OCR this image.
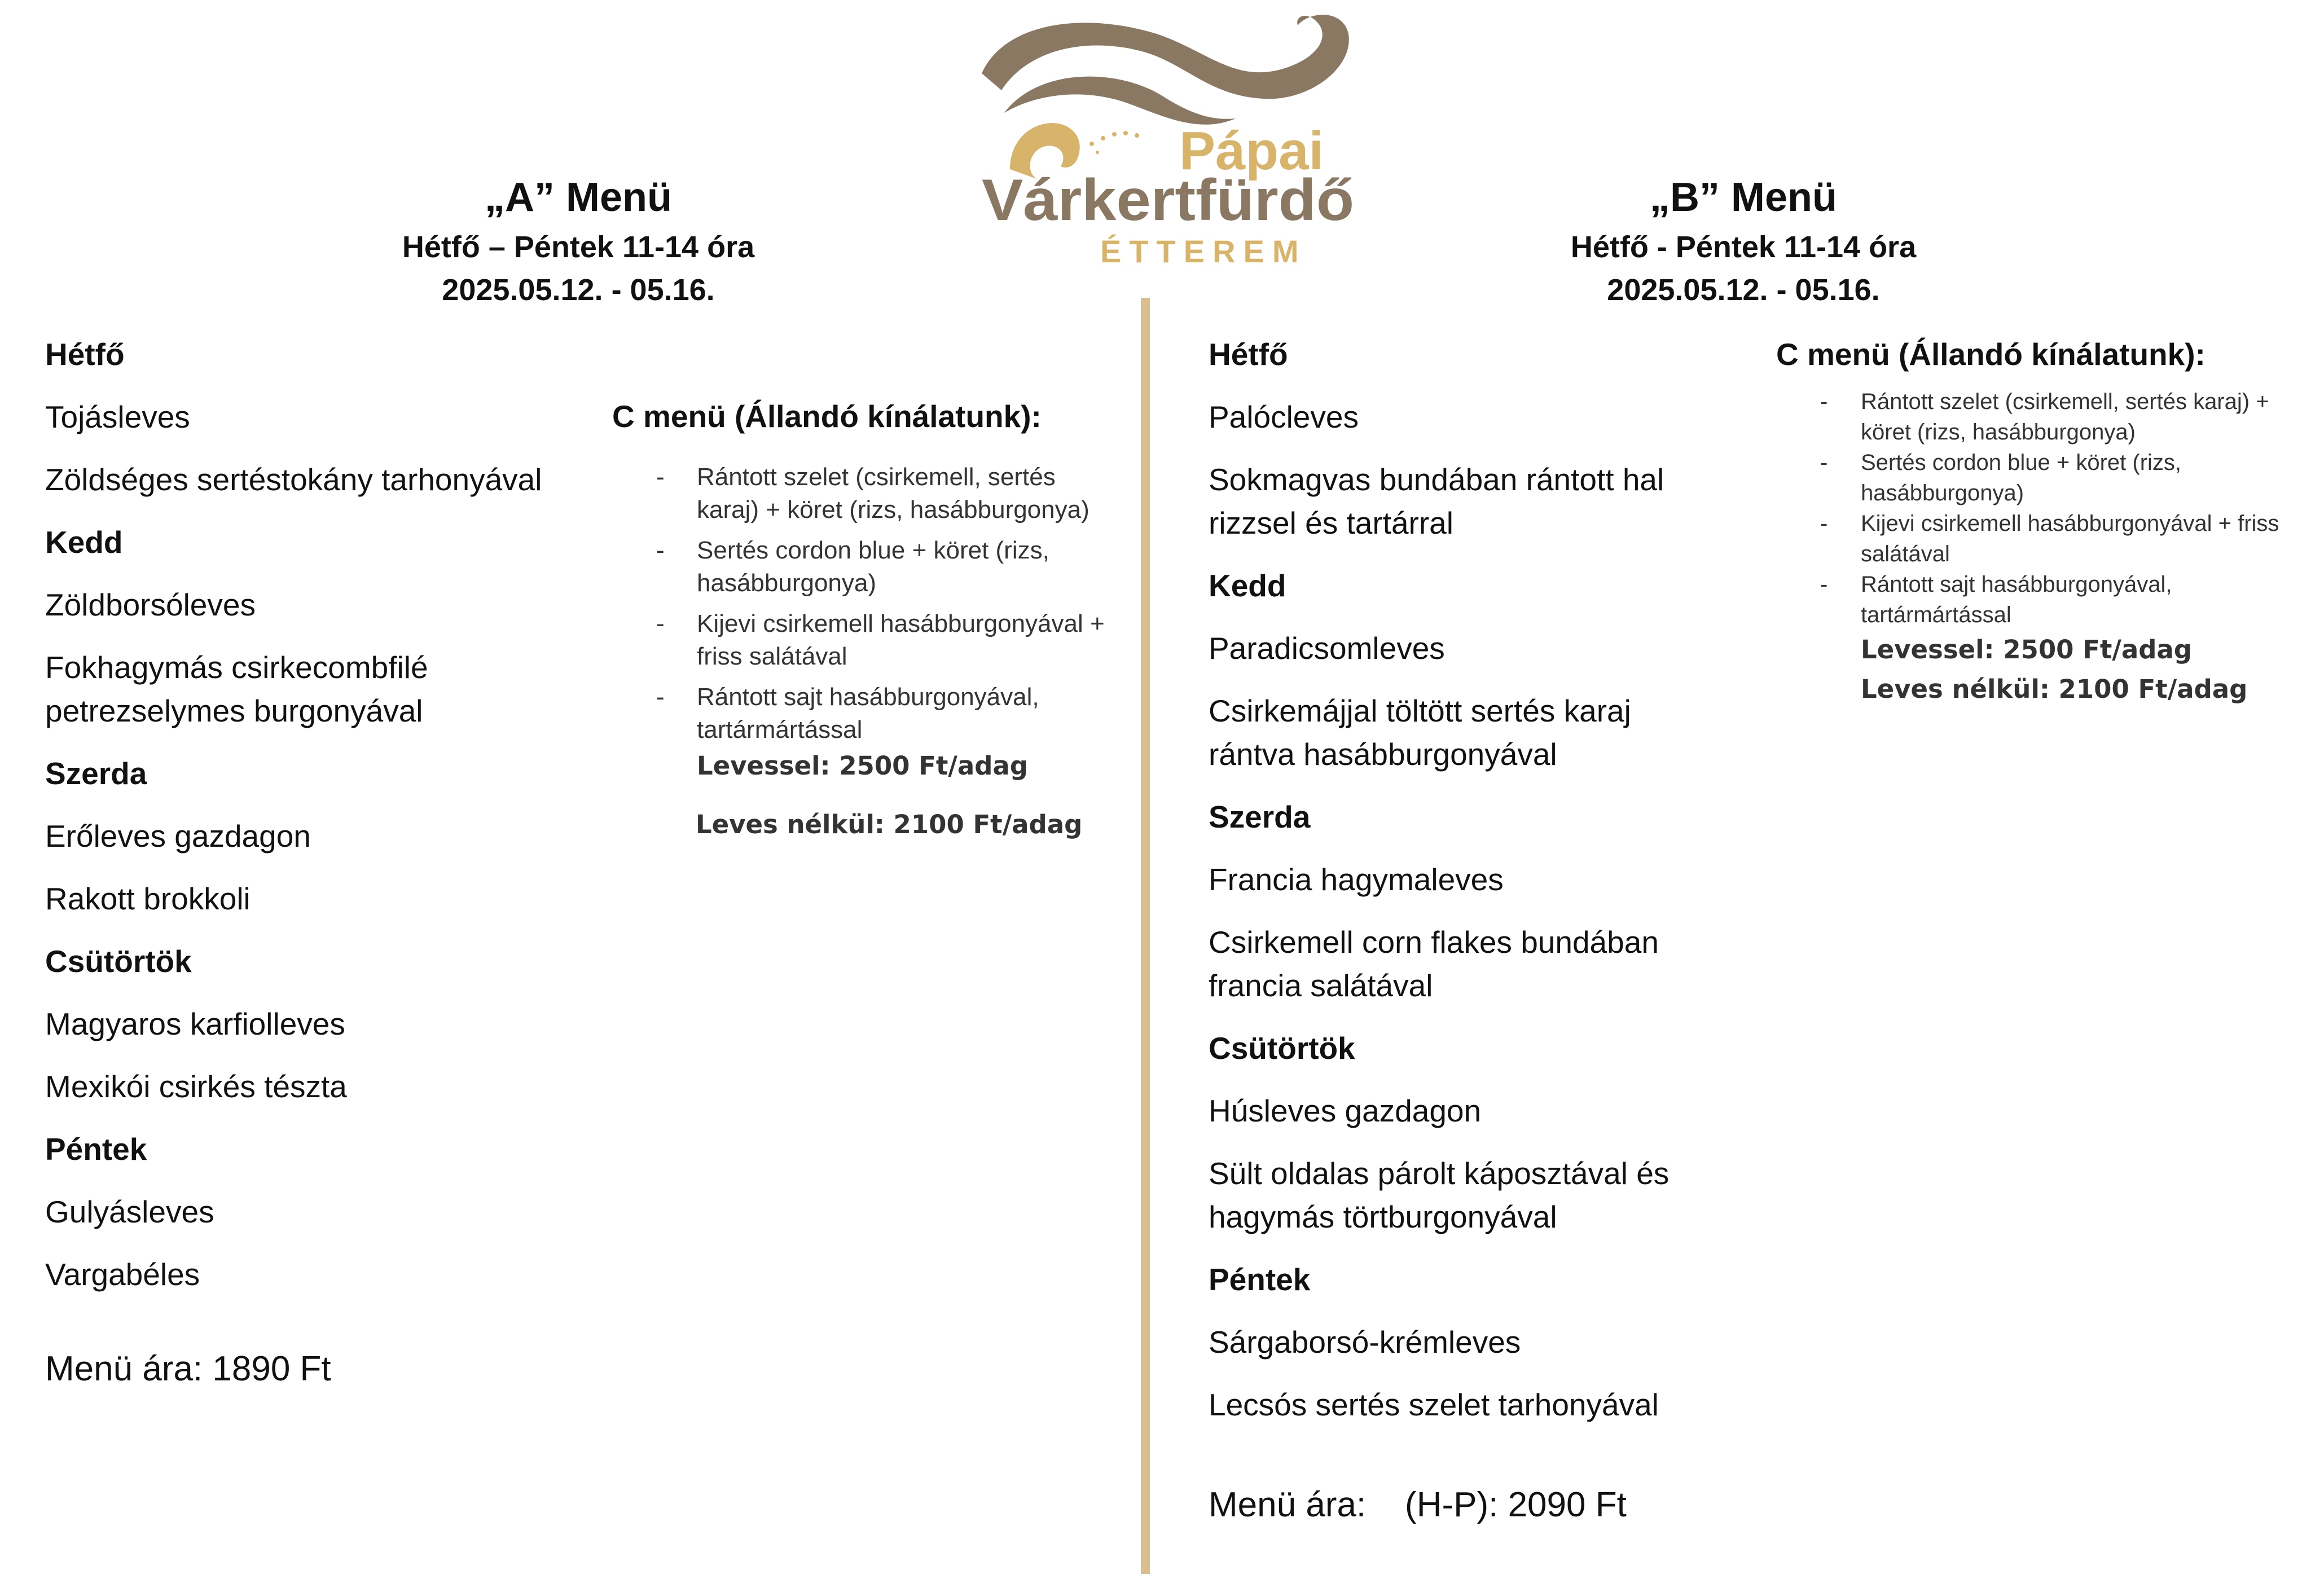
Pápai
Várkertfürdő
ÉTTEREM
„A” Menü
Hétfő – Péntek 11-14 óra
2025.05.12. - 05.16.
„B” Menü
Hétfő - Péntek 11-14 óra
2025.05.12. - 05.16.
Hétfő
Tojásleves
Zöldséges sertéstokány tarhonyával
Kedd
Zöldborsóleves
Fokhagymás csirkecombfilé petrezselymes burgonyával
Szerda
Erőleves gazdagon
Rakott brokkoli
Csütörtök
Magyaros karfiolleves
Mexikói csirkés tészta
Péntek
Gulyásleves
Vargabéles
Menü ára: 1890 Ft
C menü (Állandó kínálatunk):
- Rántott szelet (csirkemell, sertés karaj) + köret (rizs, hasábburgonya)
- Sertés cordon blue + köret (rizs, hasábburgonya)
- Kijevi csirkemell hasábburgonyával + friss salátával
- Rántott sajt hasábburgonyával, tartármártással
Levessel: 2500 Ft/adag
Leves nélkül: 2100 Ft/adag
Hétfő
Palócleves
Sokmagvas bundában rántott hal rizzsel és tartárral
Kedd
Paradicsomleves
Csirkemájjal töltött sertés karaj rántva hasábburgonyával
Szerda
Francia hagymaleves
Csirkemell corn flakes bundában francia salátával
Csütörtök
Húsleves gazdagon
Sült oldalas párolt káposztával és hagymás törtburgonyával
Péntek
Sárgaborsó-krémleves
Lecsós sertés szelet tarhonyával
Menü ára:    (H-P): 2090 Ft
C menü (Állandó kínálatunk):
- Rántott szelet (csirkemell, sertés karaj) + köret (rizs, hasábburgonya)
- Sertés cordon blue + köret (rizs, hasábburgonya)
- Kijevi csirkemell hasábburgonyával + friss salátával
- Rántott sajt hasábburgonyával, tartármártással
Levessel: 2500 Ft/adag
Leves nélkül: 2100 Ft/adag
